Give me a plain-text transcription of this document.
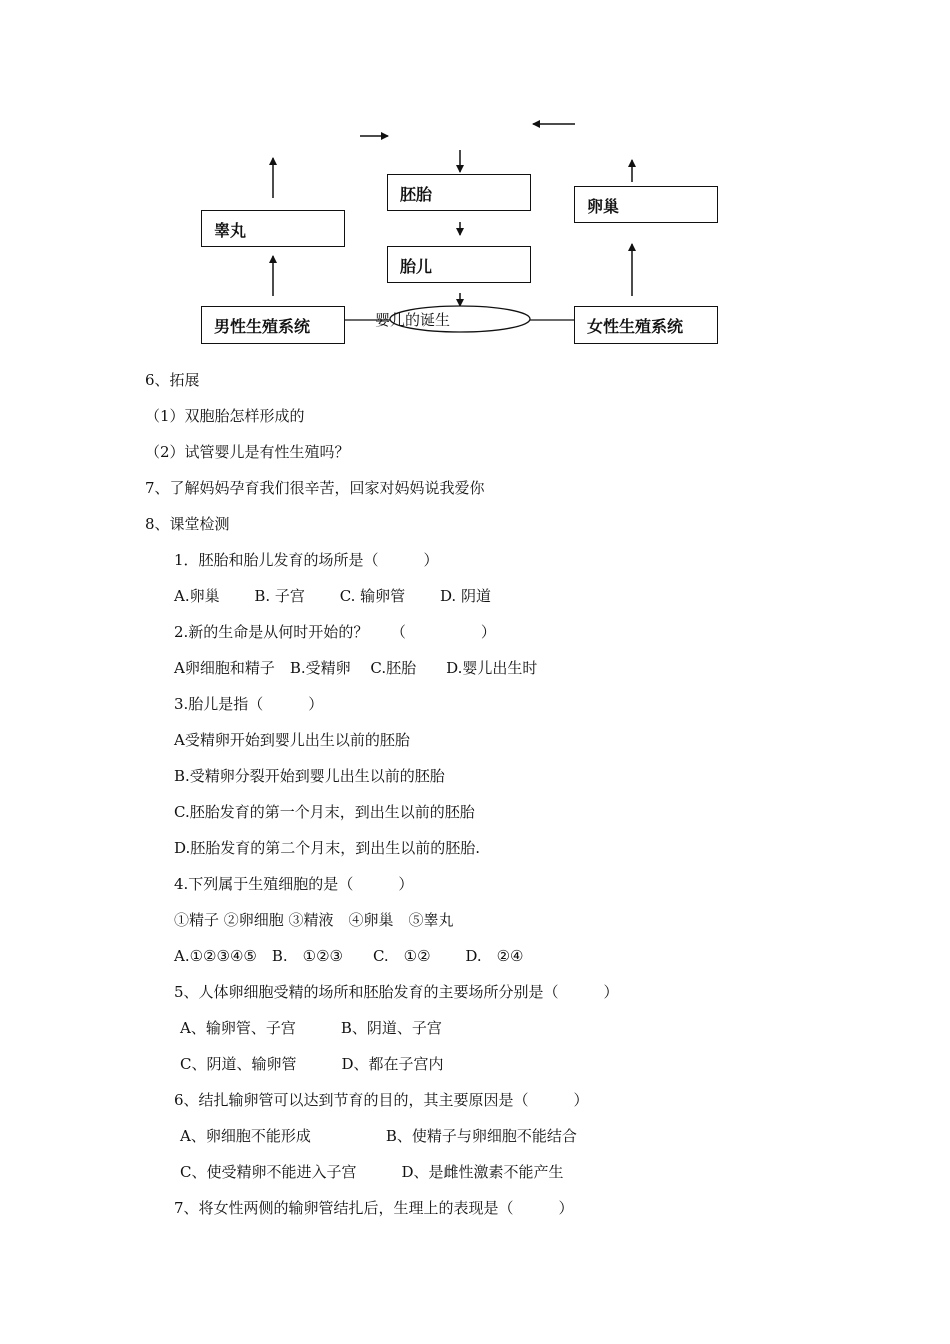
睾丸
胚胎
卵巢
胎儿
男性生殖系统	女性生殖系统
婴儿的诞生
6、拓展
（1）双胞胎怎样形成的
（2）试管婴儿是有性生殖吗？
7、了解妈妈孕育我们很辛苦，回家对妈妈说我爱你
8、课堂检测
1．胚胎和胎儿发育的场所是（　　　）
A.卵巢　　 B. 子宫　　 C. 输卵管　　 D. 阴道
2.新的生命是从何时开始的？　　（　　　　　）
A卵细胞和精子　B.受精卵　 C.胚胎　　D.婴儿出生时
3.胎儿是指（　　　）
A受精卵开始到婴儿出生以前的胚胎
B.受精卵分裂开始到婴儿出生以前的胚胎
C.胚胎发育的第一个月末，到出生以前的胚胎
D.胚胎发育的第二个月末，到出生以前的胚胎.
4.下列属于生殖细胞的是（　　　）
①精子 ②卵细胞 ③精液　④卵巢　⑤睾丸
A.①②③④⑤　B.　①②③　　C.　①②　　 D.　②④
5、人体卵细胞受精的场所和胚胎发育的主要场所分别是（　　　）
A、输卵管、子宫　　　B、阴道、子宫
C、阴道、输卵管　　　D、都在子宫内
6、结扎输卵管可以达到节育的目的，其主要原因是（　　　）
A、卵细胞不能形成　　　　　B、使精子与卵细胞不能结合
C、使受精卵不能进入子宫　　　D、是雌性激素不能产生
7、将女性两侧的输卵管结扎后，生理上的表现是（　　　）
